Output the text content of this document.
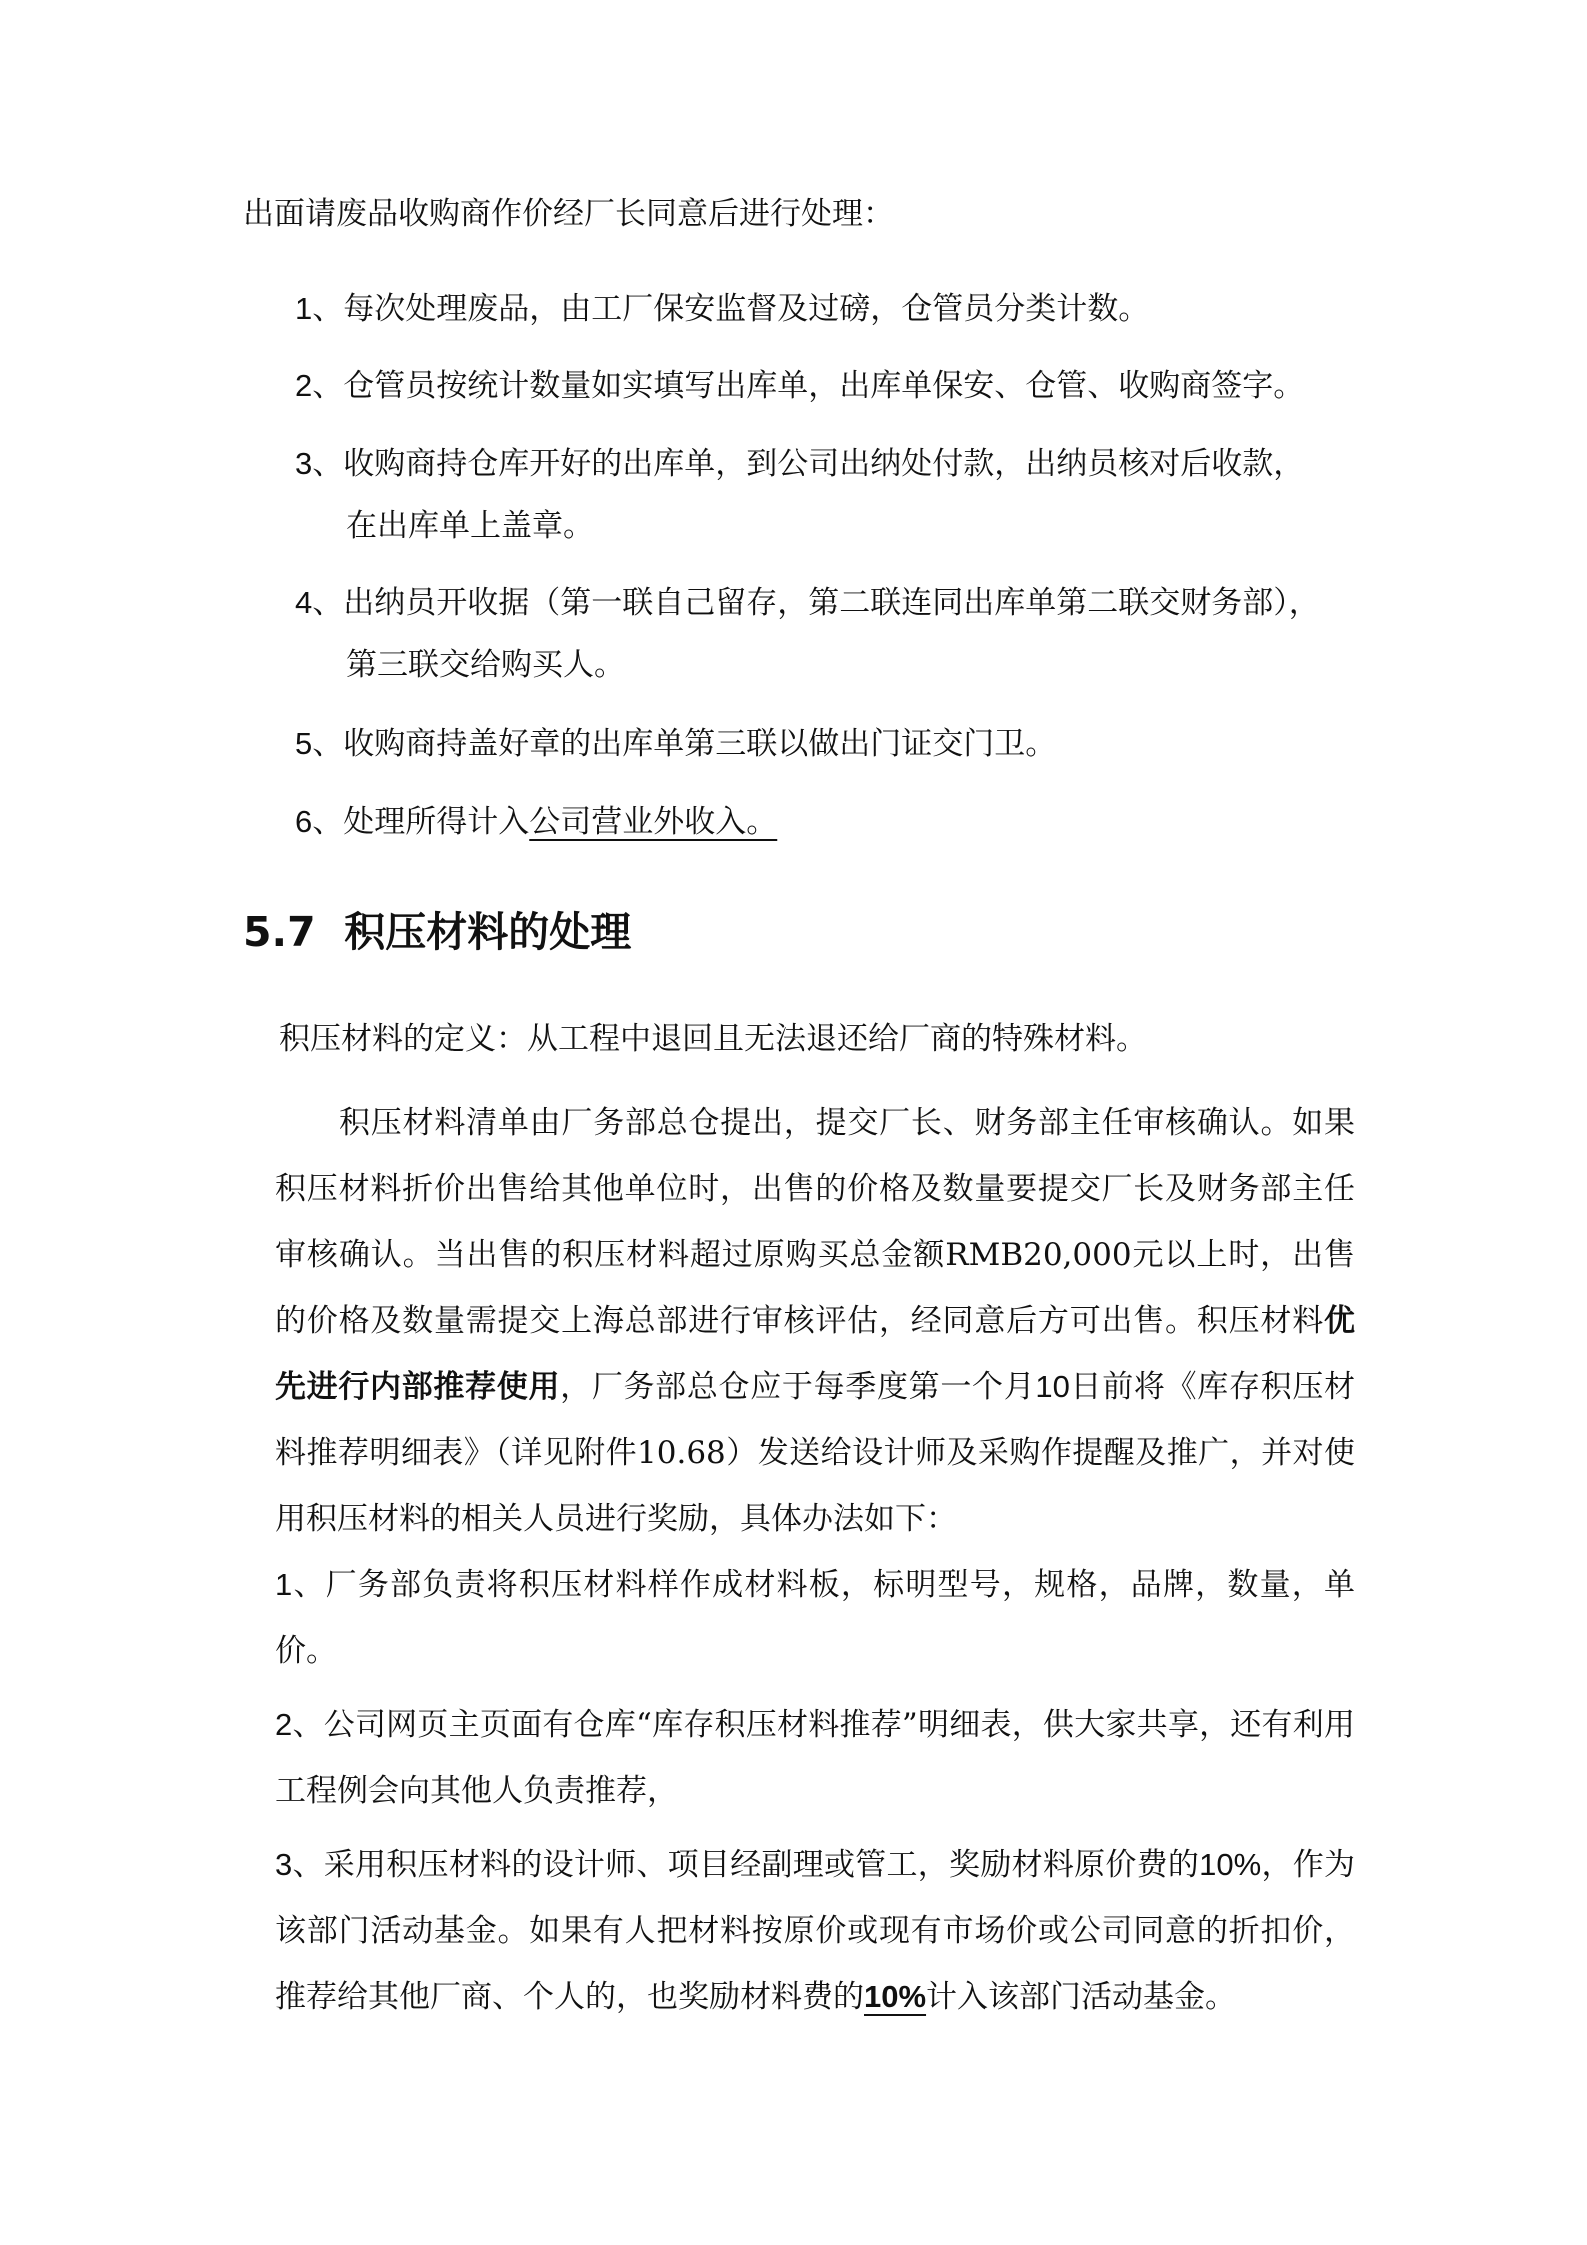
出面请废品收购商作价经厂长同意后进行处理：
1、每次处理废品，由工厂保安监督及过磅，仓管员分类计数。
2、仓管员按统计数量如实填写出库单，出库单保安、仓管、收购商签字。
3、收购商持仓库开好的出库单，到公司出纳处付款，出纳员核对后收款，
在出库单上盖章。
4、出纳员开收据（第一联自己留存，第二联连同出库单第二联交财务部），
第三联交给购买人。
5、收购商持盖好章的出库单第三联以做出门证交门卫。
6、处理所得计入公司营业外收入。
5.7 积压材料的处理
积压材料的定义：从工程中退回且无法退还给厂商的特殊材料。
积压材料清单由厂务部总仓提出，提交厂长、财务部主任审核确认。如果积压材料折价出售给其他单位时，出售的价格及数量要提交厂长及财务部主任审核确认。当出售的积压材料超过原购买总金额RMB20,000元以上时，出售的价格及数量需提交上海总部进行审核评估，经同意后方可出售。积压材料优先进行内部推荐使用，厂务部总仓应于每季度第一个月10日前将《库存积压材料推荐明细表》（详见附件10.68）发送给设计师及采购作提醒及推广，并对使用积压材料的相关人员进行奖励，具体办法如下：
1、厂务部负责将积压材料样作成材料板，标明型号，规格，品牌，数量，单价。
2、公司网页主页面有仓库“库存积压材料推荐”明细表，供大家共享，还有利用工程例会向其他人负责推荐，
3、采用积压材料的设计师、项目经副理或管工，奖励材料原价费的10%，作为该部门活动基金。如果有人把材料按原价或现有市场价或公司同意的折扣价，推荐给其他厂商、个人的，也奖励材料费的10%计入该部门活动基金。
